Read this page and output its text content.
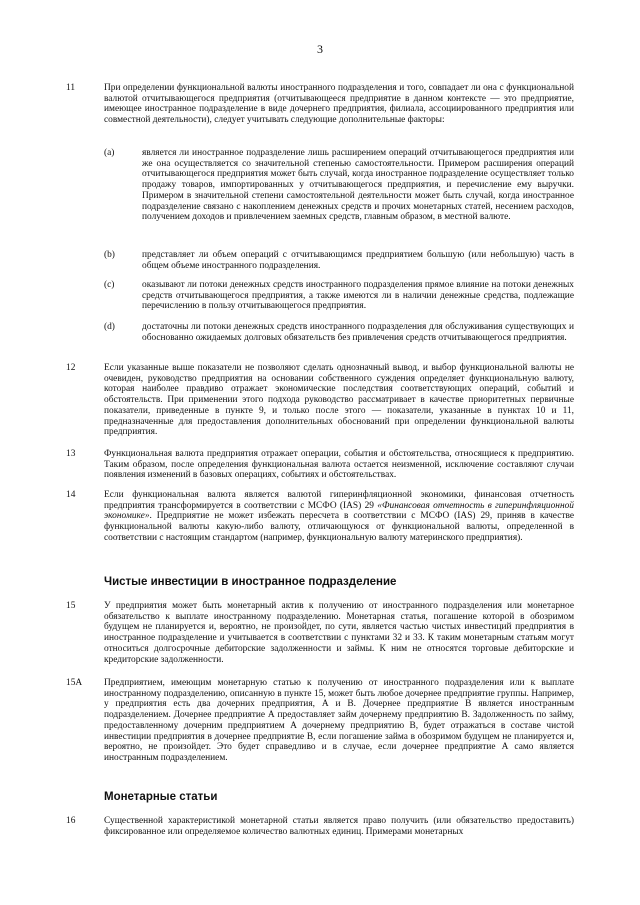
3
11	При определении функциональной валюты иностранного подразделения и того, совпадает ли она с функциональной валютой отчитывающегося предприятия (отчитывающееся предприятие в данном контексте — это предприятие, имеющее иностранное подразделение в виде дочернего предприятия, филиала, ассоциированного предприятия или совместной деятельности), следует учитывать следующие дополнительные факторы:
(a)	является ли иностранное подразделение лишь расширением операций отчитывающегося предприятия или же она осуществляется со значительной степенью самостоятельности. Примером расширения операций отчитывающегося предприятия может быть случай, когда иностранное подразделение осуществляет только продажу товаров, импортированных у отчитывающегося предприятия, и перечисление ему выручки. Примером в значительной степени самостоятельной деятельности может быть случай, когда иностранное подразделение связано с накоплением денежных средств и прочих монетарных статей, несением расходов, получением доходов и привлечением заемных средств, главным образом, в местной валюте.
(b)	представляет ли объем операций с отчитывающимся предприятием большую (или небольшую) часть в общем объеме иностранного подразделения.
(c)	оказывают ли потоки денежных средств иностранного подразделения прямое влияние на потоки денежных средств отчитывающегося предприятия, а также имеются ли в наличии денежные средства, подлежащие перечислению в пользу отчитывающегося предприятия.
(d)	достаточны ли потоки денежных средств иностранного подразделения для обслуживания существующих и обоснованно ожидаемых долговых обязательств без привлечения средств отчитывающегося предприятия.
12	Если указанные выше показатели не позволяют сделать однозначный вывод, и выбор функциональной валюты не очевиден, руководство предприятия на основании собственного суждения определяет функциональную валюту, которая наиболее правдиво отражает экономические последствия соответствующих операций, событий и обстоятельств. При применении этого подхода руководство рассматривает в качестве приоритетных первичные показатели, приведенные в пункте 9, и только после этого — показатели, указанные в пунктах 10 и 11, предназначенные для предоставления дополнительных обоснований при определении функциональной валюты предприятия.
13	Функциональная валюта предприятия отражает операции, события и обстоятельства, относящиеся к предприятию. Таким образом, после определения функциональная валюта остается неизменной, исключение составляют случаи появления изменений в базовых операциях, событиях и обстоятельствах.
14	Если функциональная валюта является валютой гиперинфляционной экономики, финансовая отчетность предприятия трансформируется в соответствии с МСФО (IAS) 29 «Финансовая отчетность в гиперинфляционной экономике». Предприятие не может избежать пересчета в соответствии с МСФО (IAS) 29, приняв в качестве функциональной валюты какую-либо валюту, отличающуюся от функциональной валюты, определенной в соответствии с настоящим стандартом (например, функциональную валюту материнского предприятия).
Чистые инвестиции в иностранное подразделение
15	У предприятия может быть монетарный актив к получению от иностранного подразделения или монетарное обязательство к выплате иностранному подразделению. Монетарная статья, погашение которой в обозримом будущем не планируется и, вероятно, не произойдет, по сути, является частью чистых инвестиций предприятия в иностранное подразделение и учитывается в соответствии с пунктами 32 и 33. К таким монетарным статьям могут относиться долгосрочные дебиторские задолженности и займы. К ним не относятся торговые дебиторские и кредиторские задолженности.
15A Предприятием, имеющим монетарную статью к получению от иностранного подразделения или к выплате иностранному подразделению, описанную в пункте 15, может быть любое дочернее предприятие группы. Например, у предприятия есть два дочерних предприятия, А и В. Дочернее предприятие В является иностранным подразделением. Дочернее предприятие А предоставляет займ дочернему предприятию В. Задолженность по займу, предоставленному дочерним предприятием А дочернему предприятию В, будет отражаться в составе чистой инвестиции предприятия в дочернее предприятие В, если погашение займа в обозримом будущем не планируется и, вероятно, не произойдет. Это будет справедливо и в случае, если дочернее предприятие А само является иностранным подразделением.
Монетарные статьи
16	Существенной характеристикой монетарной статьи является право получить (или обязательство предоставить) фиксированное или определяемое количество валютных единиц. Примерами монетарных
